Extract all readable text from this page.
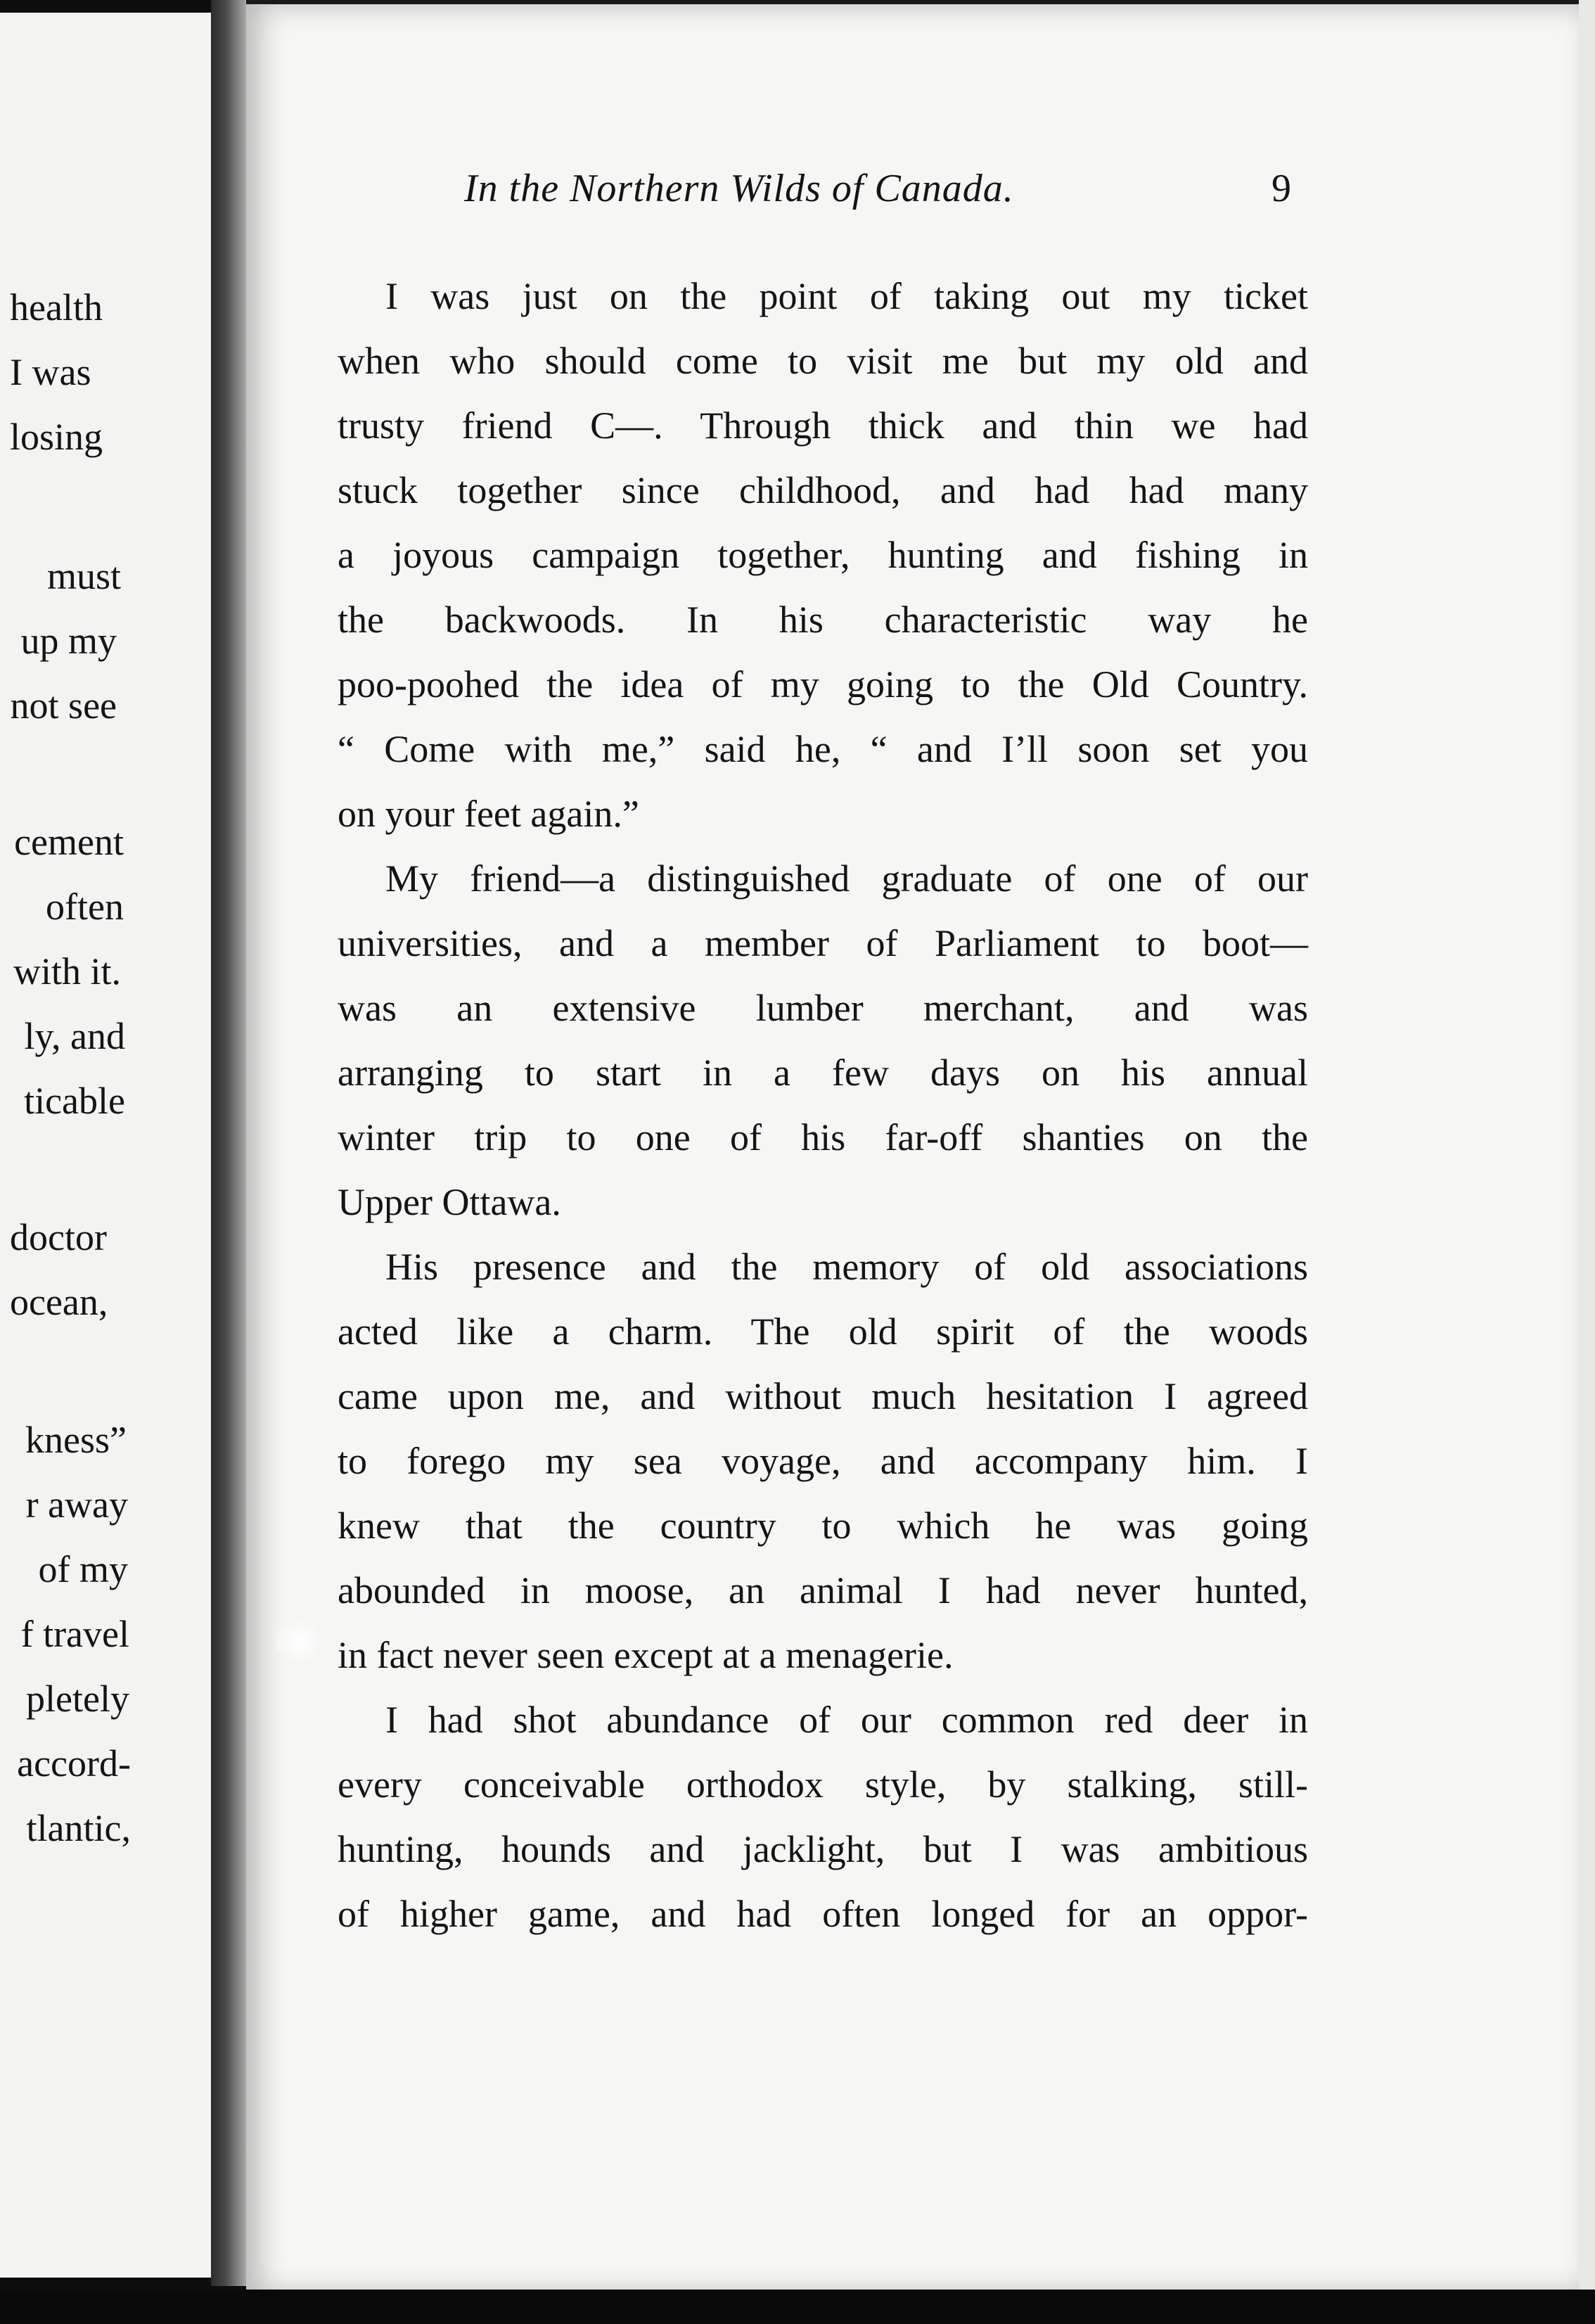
health
I was
losing
must
up my
not see
cement
often
with it.
ly, and
ticable
doctor
ocean,
kness”
r away
of my
f travel
pletely
accord-
tlantic,
In the Northern Wilds of Canada.	9
I was just on the point of taking out my ticket
when who should come to visit me but my old and
trusty friend C—. Through thick and thin we had
stuck together since childhood, and had had many
a joyous campaign together, hunting and fishing in
the backwoods. In his characteristic way he
poo-poohed the idea of my going to the Old Country.
“ Come with me,” said he, “ and I’ll soon set you
on your feet again.”
My friend—a distinguished graduate of one of our
universities, and a member of Parliament to boot—
was an extensive lumber merchant, and was
arranging to start in a few days on his annual
winter trip to one of his far-off shanties on the
Upper Ottawa.
His presence and the memory of old associations
acted like a charm. The old spirit of the woods
came upon me, and without much hesitation I agreed
to forego my sea voyage, and accompany him. I
knew that the country to which he was going
abounded in moose, an animal I had never hunted,
in fact never seen except at a menagerie.
I had shot abundance of our common red deer in
every conceivable orthodox style, by stalking, still-
hunting, hounds and jacklight, but I was ambitious
of higher game, and had often longed for an oppor-
